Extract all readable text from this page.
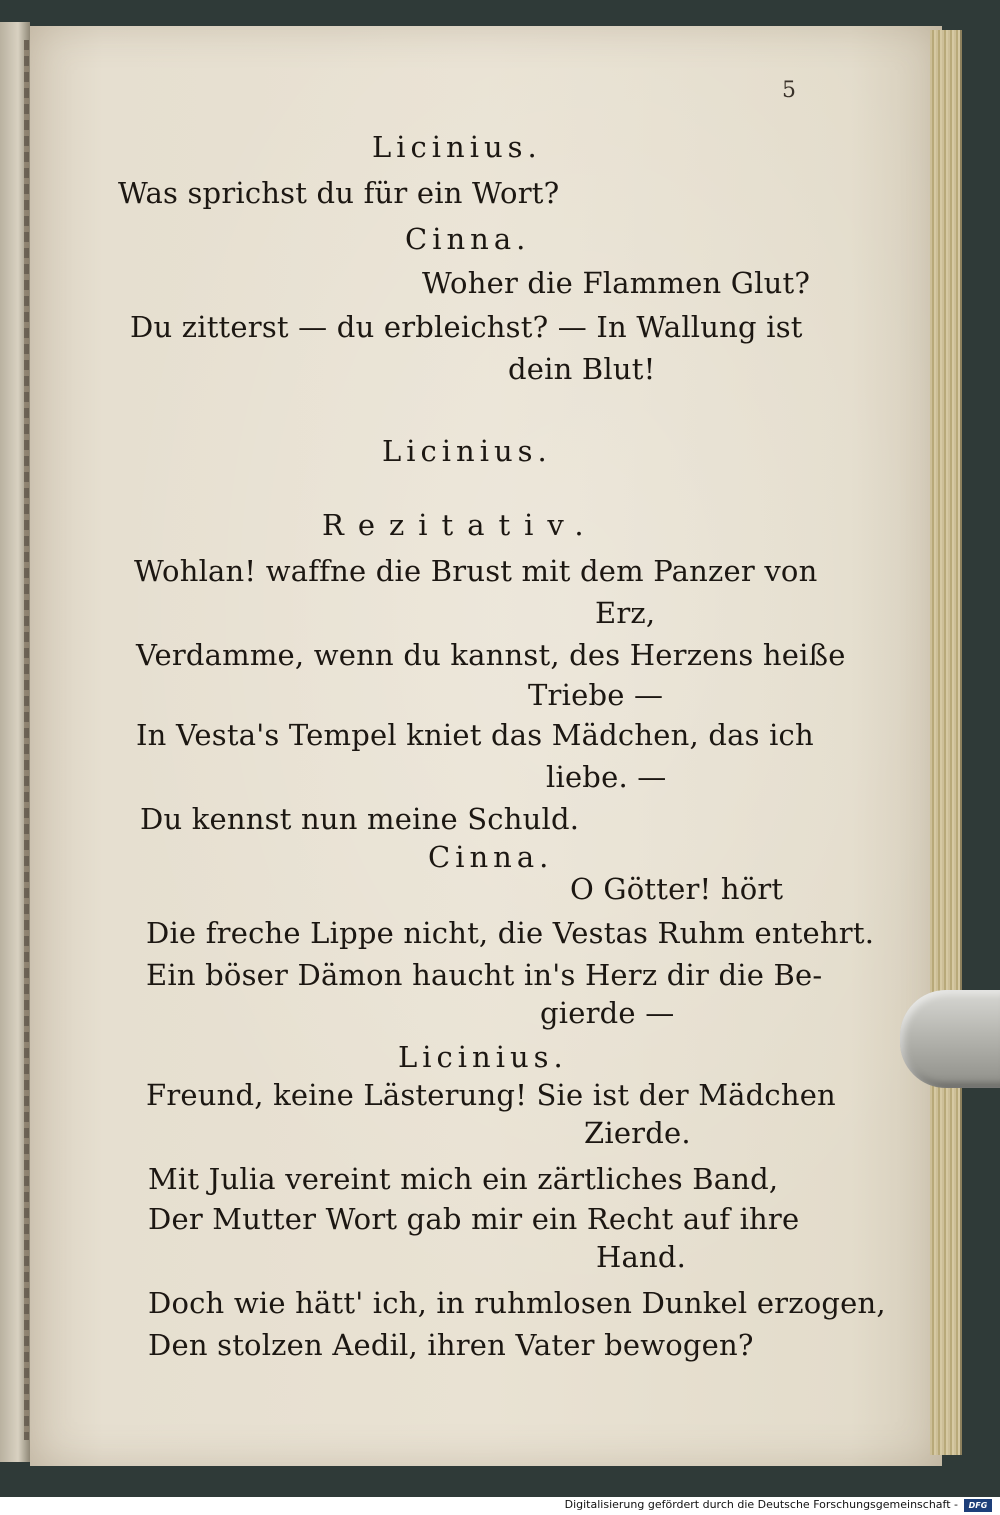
5
Licinius.
Was sprichst du für ein Wort?
Cinna.
Woher die Flammen Glut?
Du zitterst — du erbleichst? — In Wallung ist
dein Blut!
Licinius.
Rezitativ.
Wohlan! waffne die Brust mit dem Panzer von
Erz,
Verdamme, wenn du kannst, des Herzens heiße
Triebe —
In Vesta's Tempel kniet das Mädchen, das ich
liebe. —
Du kennst nun meine Schuld.
Cinna.
O Götter! hört
Die freche Lippe nicht, die Vestas Ruhm entehrt.
Ein böser Dämon haucht in's Herz dir die Be-
gierde —
Licinius.
Freund, keine Lästerung! Sie ist der Mädchen
Zierde.
Mit Julia vereint mich ein zärtliches Band,
Der Mutter Wort gab mir ein Recht auf ihre
Hand.
Doch wie hätt' ich, in ruhmlosen Dunkel erzogen,
Den stolzen Aedil, ihren Vater bewogen?
Digitalisierung gefördert durch die Deutsche Forschungsgemeinschaft -	DFG
